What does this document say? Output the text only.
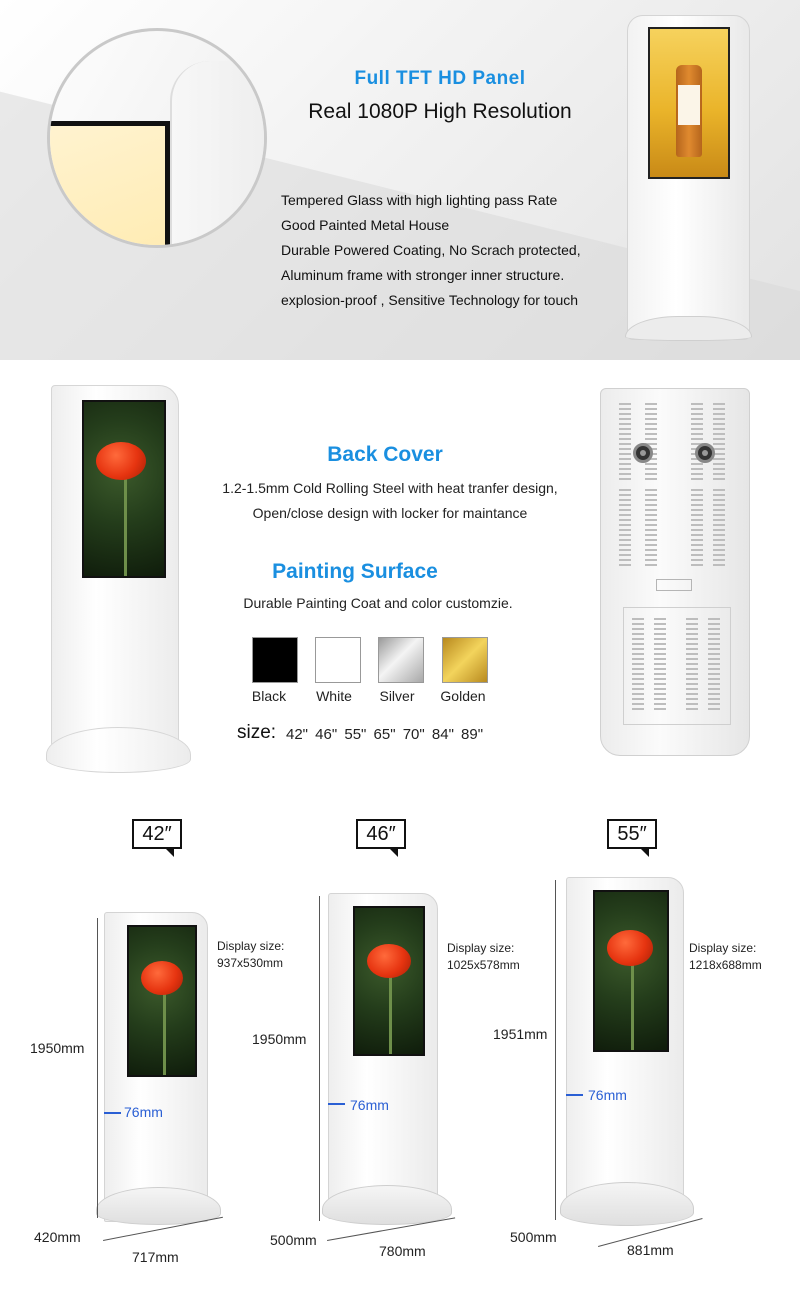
Full TFT HD Panel
Real 1080P High Resolution
Tempered Glass with high lighting pass Rate
Good Painted Metal House
Durable Powered Coating, No Scrach protected,
Aluminum frame with stronger inner structure.
explosion-proof , Sensitive Technology for touch
Back Cover
1.2-1.5mm Cold Rolling Steel with heat tranfer design,
Open/close design with locker for maintance
Painting Surface
Durable Painting Coat and color customzie.
Black	White	Silver	Golden
size: 42" 46" 55" 65" 70" 84" 89"
42″	46″	55″
1950mm
420mm
717mm
Display size:
937x530mm
76mm
1950mm
500mm
780mm
Display size:
1025x578mm
76mm
1951mm
500mm
881mm
Display size:
1218x688mm
76mm
